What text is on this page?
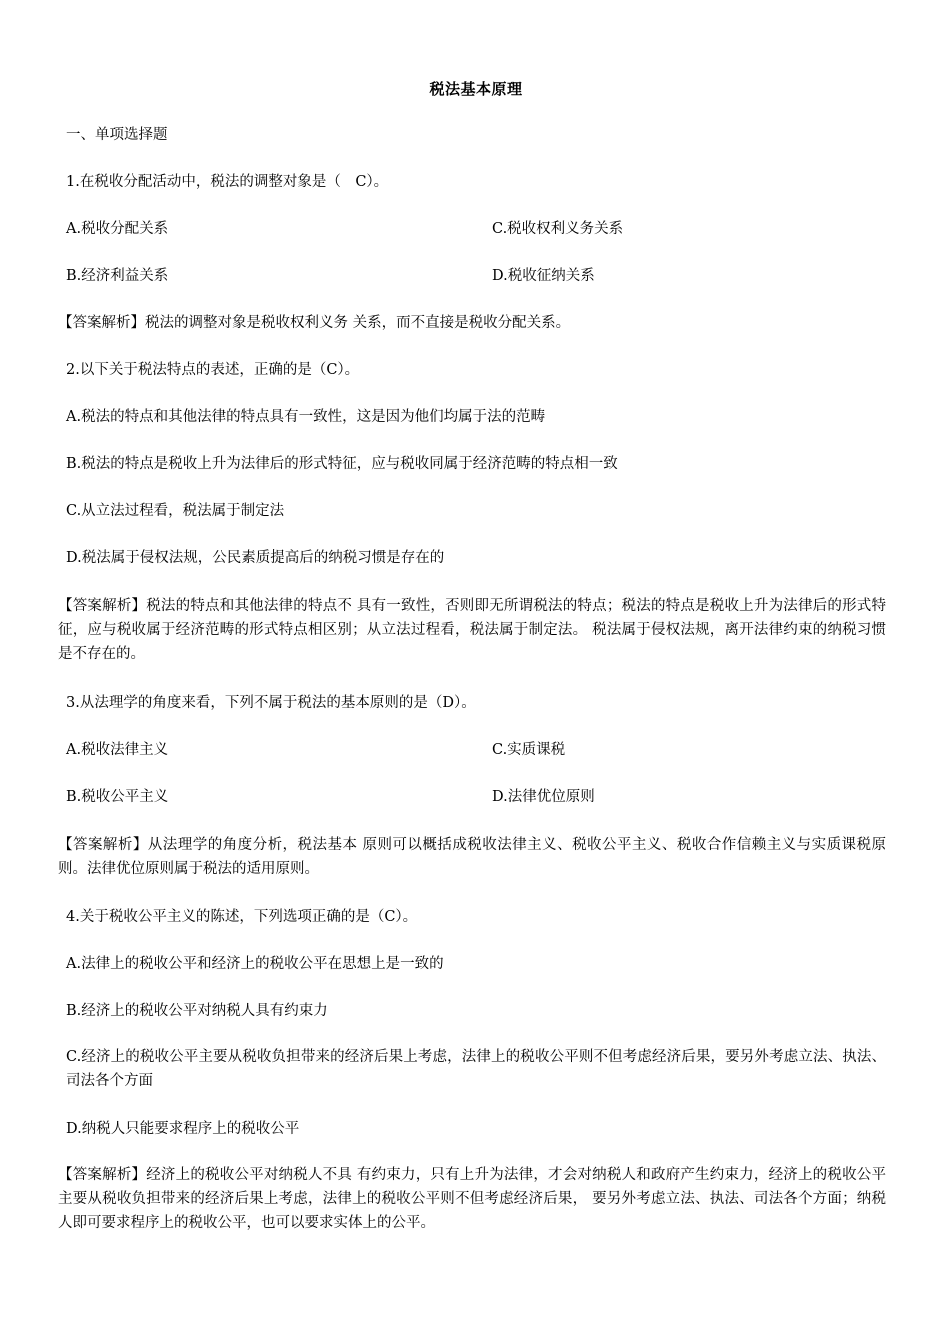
税法基本原理
一、单项选择题
1.在税收分配活动中，税法的调整对象是（　C）。
A.税收分配关系	C.税收权利义务关系
B.经济利益关系	D.税收征纳关系
【答案解析】税法的调整对象是税收权利义务 关系，而不直接是税收分配关系。
2.以下关于税法特点的表述，正确的是（C）。
A.税法的特点和其他法律的特点具有一致性，这是因为他们均属于法的范畴
B.税法的特点是税收上升为法律后的形式特征，应与税收同属于经济范畴的特点相一致
C.从立法过程看，税法属于制定法
D.税法属于侵权法规，公民素质提高后的纳税习惯是存在的
【答案解析】税法的特点和其他法律的特点不 具有一致性，否则即无所谓税法的特点；税法的特点是税收上升为法律后的形式特征，应与税收属于经济范畴的形式特点相区别；从立法过程看，税法属于制定法。 税法属于侵权法规，离开法律约束的纳税习惯是不存在的。
3.从法理学的角度来看，下列不属于税法的基本原则的是（D）。
A.税收法律主义	C.实质课税
B.税收公平主义	D.法律优位原则
【答案解析】从法理学的角度分析，税法基本 原则可以概括成税收法律主义、税收公平主义、税收合作信赖主义与实质课税原则。法律优位原则属于税法的适用原则。
4.关于税收公平主义的陈述，下列选项正确的是（C）。
A.法律上的税收公平和经济上的税收公平在思想上是一致的
B.经济上的税收公平对纳税人具有约束力
C.经济上的税收公平主要从税收负担带来的经济后果上考虑，法律上的税收公平则不但考虑经济后果，要另外考虑立法、执法、司法各个方面
D.纳税人只能要求程序上的税收公平
【答案解析】经济上的税收公平对纳税人不具 有约束力，只有上升为法律，才会对纳税人和政府产生约束力，经济上的税收公平主要从税收负担带来的经济后果上考虑，法律上的税收公平则不但考虑经济后果， 要另外考虑立法、执法、司法各个方面；纳税人即可要求程序上的税收公平，也可以要求实体上的公平。
